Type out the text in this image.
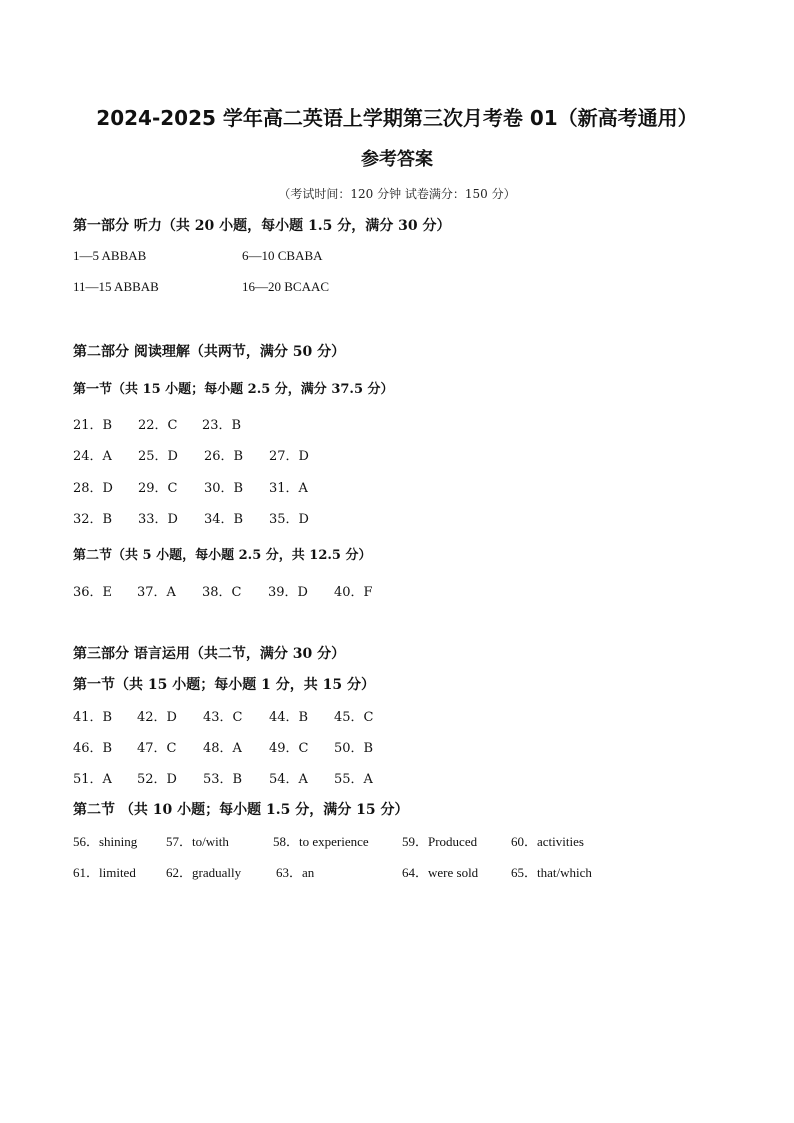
2024-2025 学年高二英语上学期第三次月考卷 01（新高考通用）
参考答案
（考试时间：120 分钟 试卷满分：150 分）
第一部分 听力（共 20 小题，每小题 1.5 分，满分 30 分）
1—5 ABBAB	6—10 CBABA
11—15 ABBAB	16—20 BCAAC
第二部分 阅读理解（共两节，满分 50 分）
第一节（共 15 小题；每小题 2.5 分，满分 37.5 分）
21．B 22．C 23．B
24．A 25．D 26．B 27．D
28．D 29．C 30．B 31．A
32．B 33．D 34．B 35．D
第二节（共 5 小题，每小题 2.5 分，共 12.5 分）
36．E 37．A 38．C 39．D 40．F
第三部分 语言运用（共二节，满分 30 分）
第一节（共 15 小题；每小题 1 分，共 15 分）
41．B 42．D 43．C 44．B 45．C
46．B 47．C 48．A 49．C 50．B
51．A 52．D 53．B 54．A 55．A
第二节 （共 10 小题；每小题 1.5 分，满分 15 分）
56．shining 57．to/with	58．to experience	59．Produced	60．activities
61．limited 62．gradually	63．an	64．were sold	65．that/which
